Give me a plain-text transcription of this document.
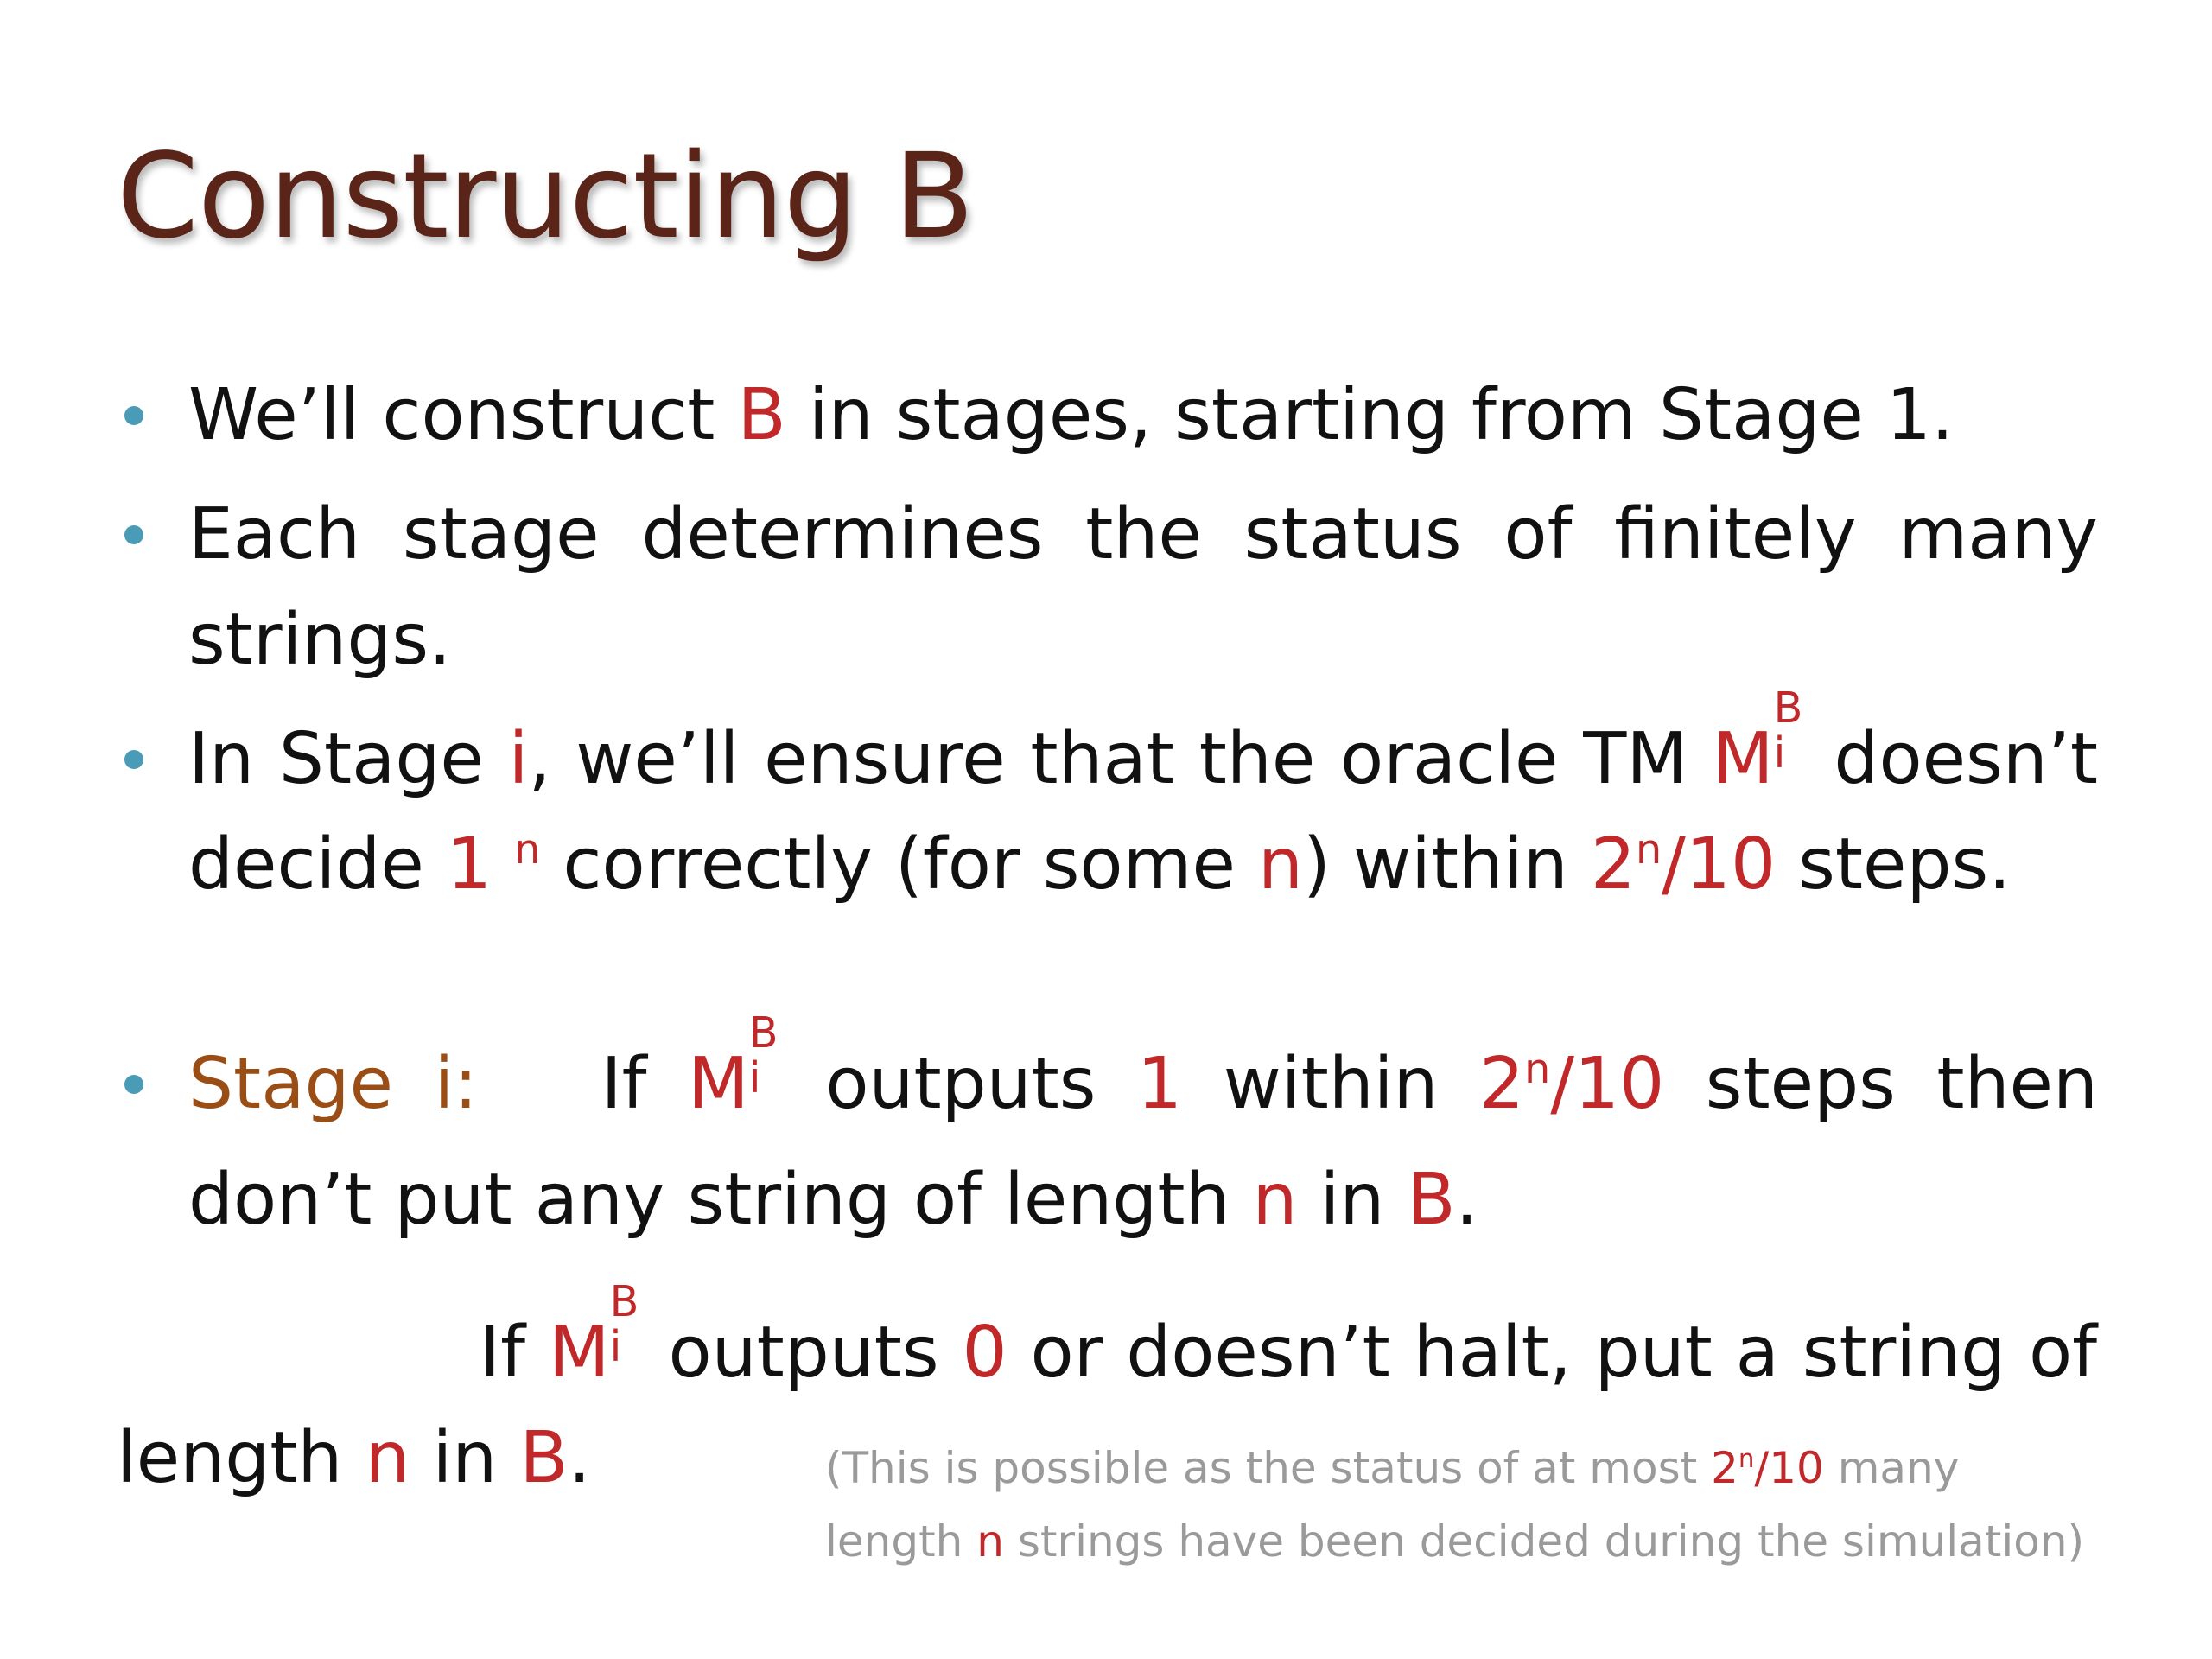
Constructing B
We’ll construct B in stages, starting from Stage 1.
Each stage determines the status of finitely many strings.
In Stage i, we’ll ensure that the oracle TM M
B
i doesn’t decide 1 $^n$ correctly (for some n) within 2$^n$/10 steps.
Stage i: If M
B
i outputs 1 within 2$^n$/10 steps then don’t put any string of length n in B.
If M
B
i outputs 0 or doesn’t halt, put a string of
length n in B.	(This is possible as the status of at most 2$^n$/10 many
length n strings have been decided during the simulation)
